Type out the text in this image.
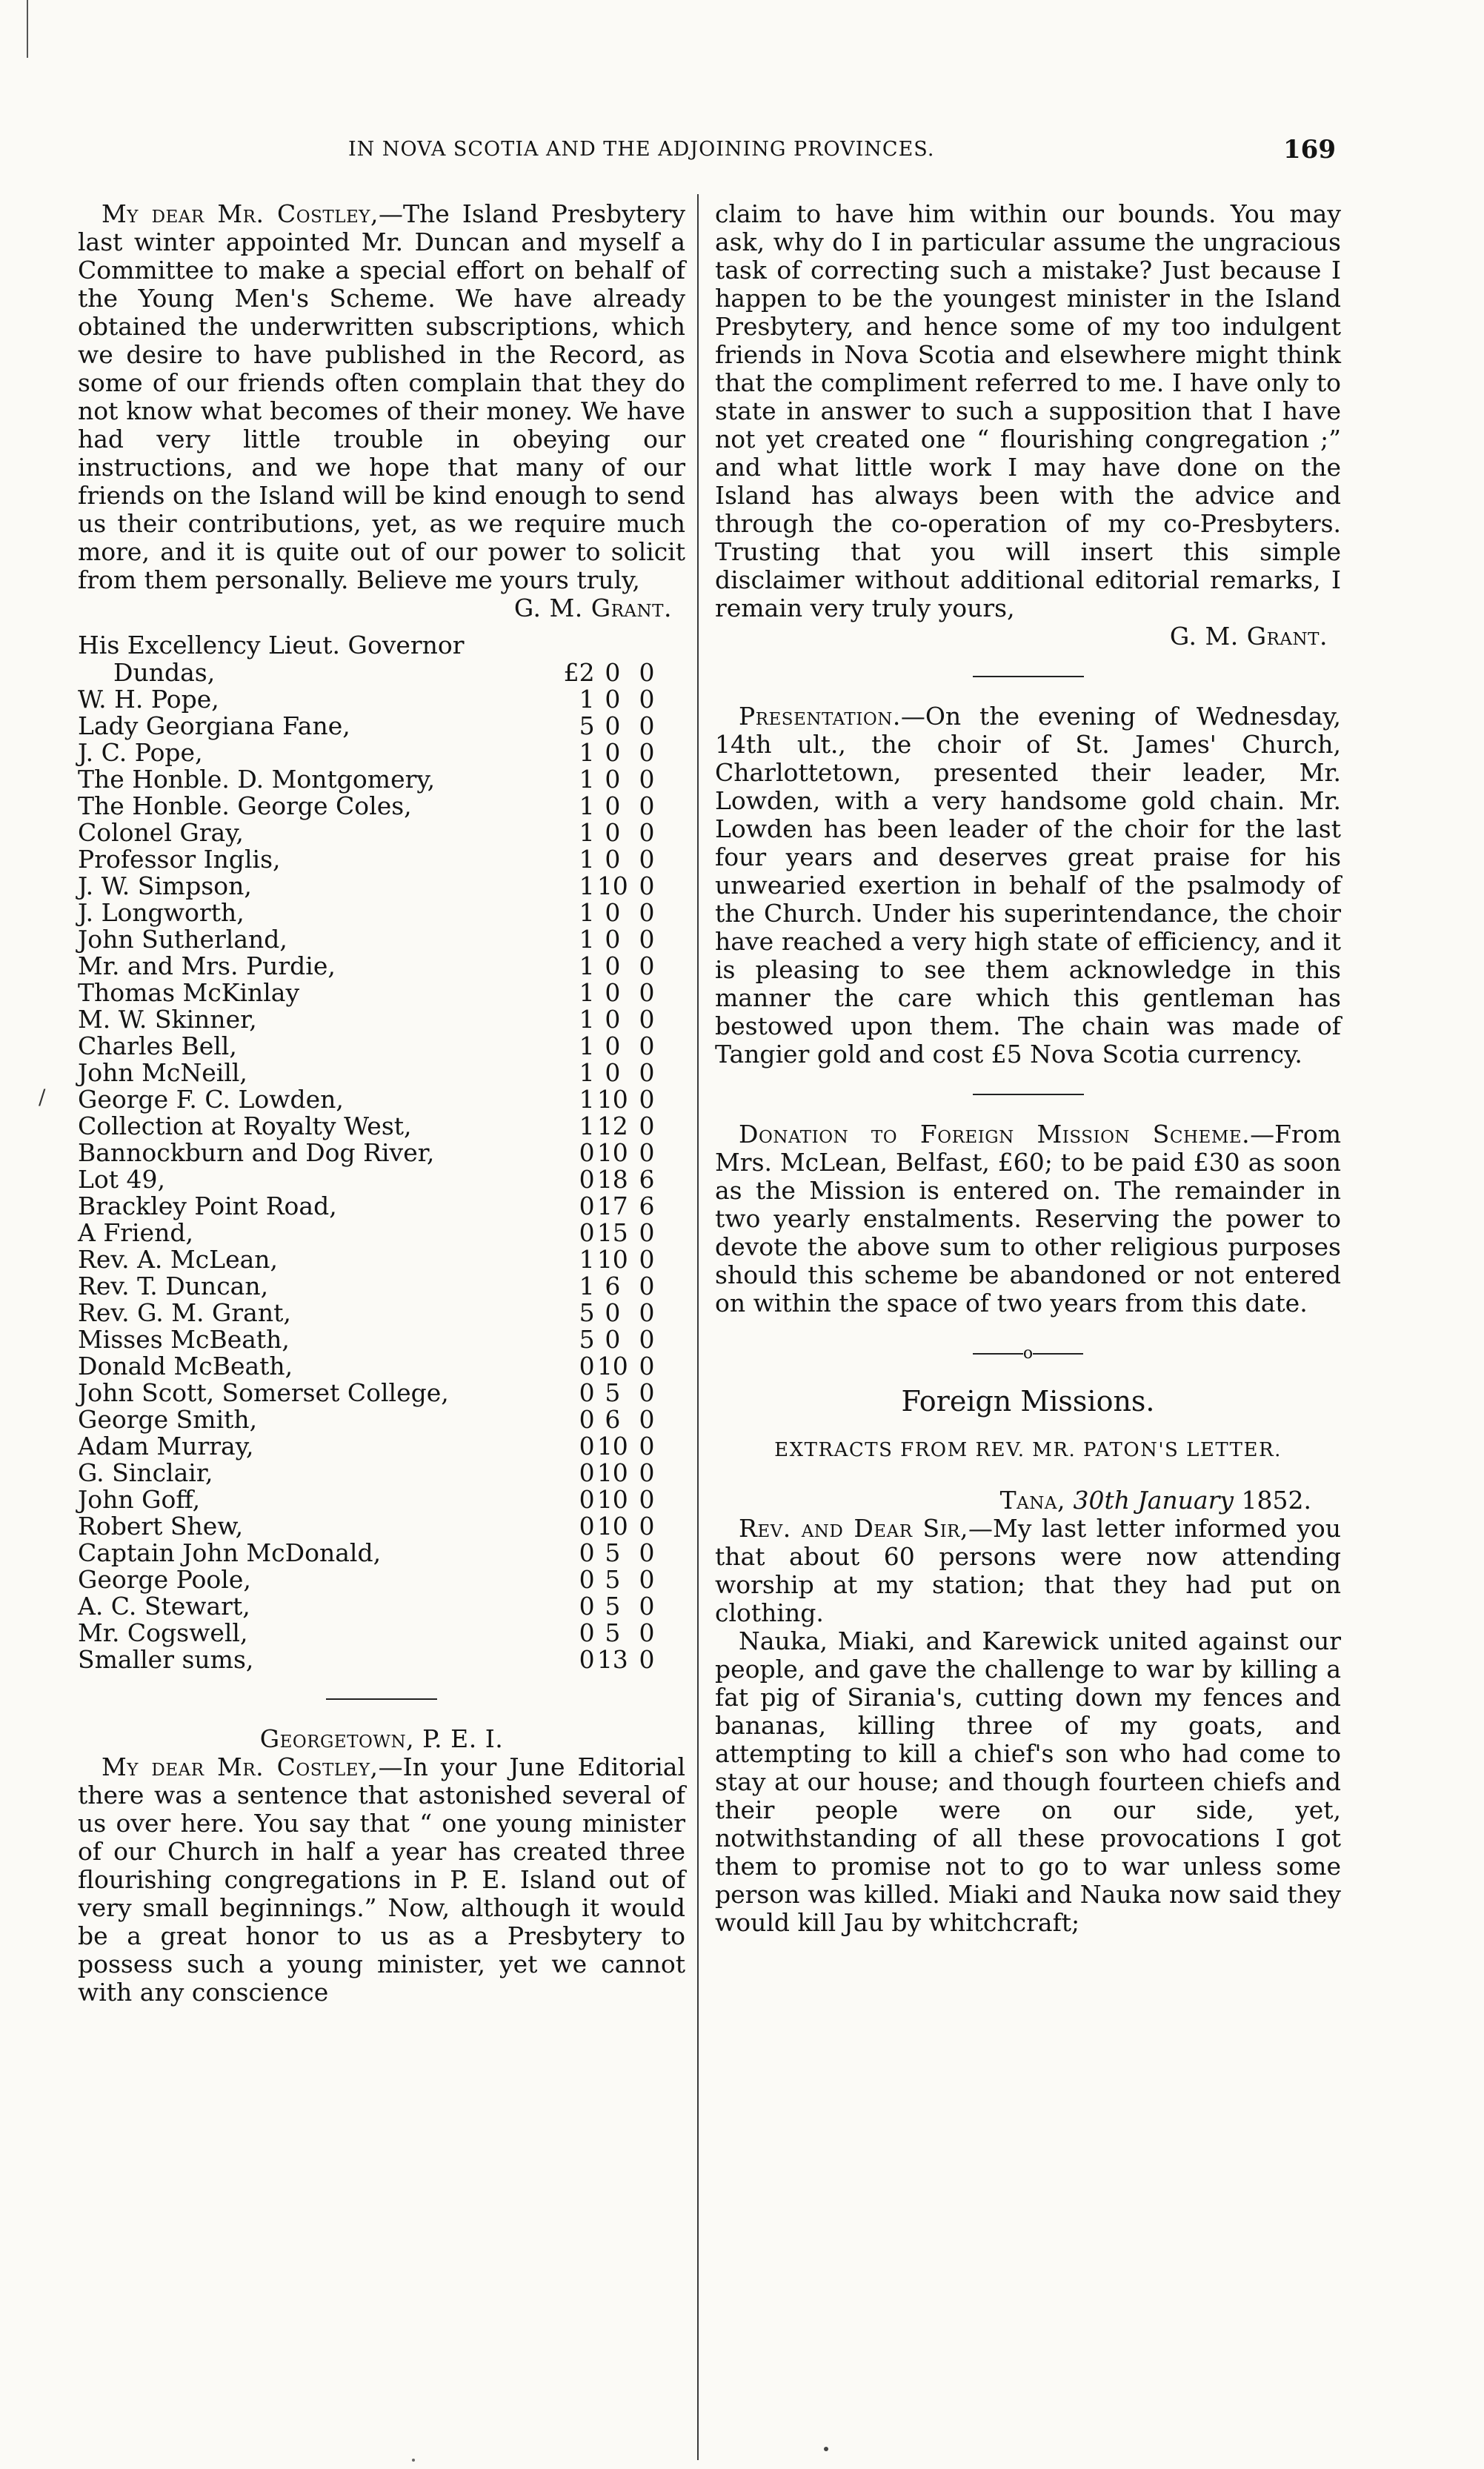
IN NOVA SCOTIA AND THE ADJOINING PROVINCES.	169
/

My dear Mr. Costley,—The Island Presbytery last winter appointed Mr. Duncan and myself a Committee to make a special effort on behalf of the Young Men's Scheme. We have already obtained the underwritten subscriptions, which we desire to have published in the Record, as some of our friends often complain that they do not know what becomes of their money. We have had very little trouble in obeying our instructions, and we hope that many of our friends on the Island will be kind enough to send us their contributions, yet, as we require much more, and it is quite out of our power to solicit from them personally. Believe me yours truly,

G. M. Grant.

His Excellency Lieut. Governor

Dundas,	£2	0	0
W. H. Pope,	1	0	0
Lady Georgiana Fane,	5	0	0
J. C. Pope,	1	0	0
The Honble. D. Montgomery,	1	0	0
The Honble. George Coles,	1	0	0
Colonel Gray,	1	0	0
Professor Inglis,	1	0	0
J. W. Simpson,	1	10	0
J. Longworth,	1	0	0
John Sutherland,	1	0	0
Mr. and Mrs. Purdie,	1	0	0
Thomas McKinlay	1	0	0
M. W. Skinner,	1	0	0
Charles Bell,	1	0	0
John McNeill,	1	0	0
George F. C. Lowden,	1	10	0
Collection at Royalty West,	1	12	0
Bannockburn and Dog River,	0	10	0
Lot 49,	0	18	6
Brackley Point Road,	0	17	6
A Friend,	0	15	0
Rev. A. McLean,	1	10	0
Rev. T. Duncan,	1	6	0
Rev. G. M. Grant,	5	0	0
Misses McBeath,	5	0	0
Donald McBeath,	0	10	0
John Scott, Somerset College,	0	5	0
George Smith,	0	6	0
Adam Murray,	0	10	0
G. Sinclair,	0	10	0
John Goff,	0	10	0
Robert Shew,	0	10	0
Captain John McDonald,	0	5	0
George Poole,	0	5	0
A. C. Stewart,	0	5	0
Mr. Cogswell,	0	5	0
Smaller sums,	0	13	0

Georgetown, P. E. I.

My dear Mr. Costley,—In your June Editorial there was a sentence that astonished several of us over here. You say that “ one young minister of our Church in half a year has created three flourishing congregations in P. E. Island out of very small beginnings.” Now, although it would be a great honor to us as a Presbytery to possess such a young minister, yet we cannot with any conscience

claim to have him within our bounds. You may ask, why do I in particular assume the ungracious task of correcting such a mistake? Just because I happen to be the youngest minister in the Island Presbytery, and hence some of my too indulgent friends in Nova Scotia and elsewhere might think that the compliment referred to me. I have only to state in answer to such a supposition that I have not yet created one “ flourishing congregation ;” and what little work I may have done on the Island has always been with the advice and through the co-operation of my co-Presbyters. Trusting that you will insert this simple disclaimer without additional editorial remarks, I remain very truly yours,

G. M. Grant.

Presentation.—On the evening of Wednesday, 14th ult., the choir of St. James' Church, Charlottetown, presented their leader, Mr. Lowden, with a very handsome gold chain. Mr. Lowden has been leader of the choir for the last four years and deserves great praise for his unwearied exertion in behalf of the psalmody of the Church. Under his superintendance, the choir have reached a very high state of efficiency, and it is pleasing to see them acknowledge in this manner the care which this gentleman has bestowed upon them. The chain was made of Tangier gold and cost £5 Nova Scotia currency.

Donation to Foreign Mission Scheme.—From Mrs. McLean, Belfast, £60; to be paid £30 as soon as the Mission is entered on. The remainder in two yearly enstalments. Reserving the power to devote the above sum to other religious purposes should this scheme be abandoned or not entered on within the space of two years from this date.

o

Foreign Missions.

EXTRACTS FROM REV. MR. PATON'S LETTER.

Tana, 30th January 1852.

Rev. and Dear Sir,—My last letter informed you that about 60 persons were now attending worship at my station; that they had put on clothing.

Nauka, Miaki, and Karewick united against our people, and gave the challenge to war by killing a fat pig of Sirania's, cutting down my fences and bananas, killing three of my goats, and attempting to kill a chief's son who had come to stay at our house; and though fourteen chiefs and their people were on our side, yet, notwithstanding of all these provocations I got them to promise not to go to war unless some person was killed. Miaki and Nauka now said they would kill Jau by whitchcraft;
